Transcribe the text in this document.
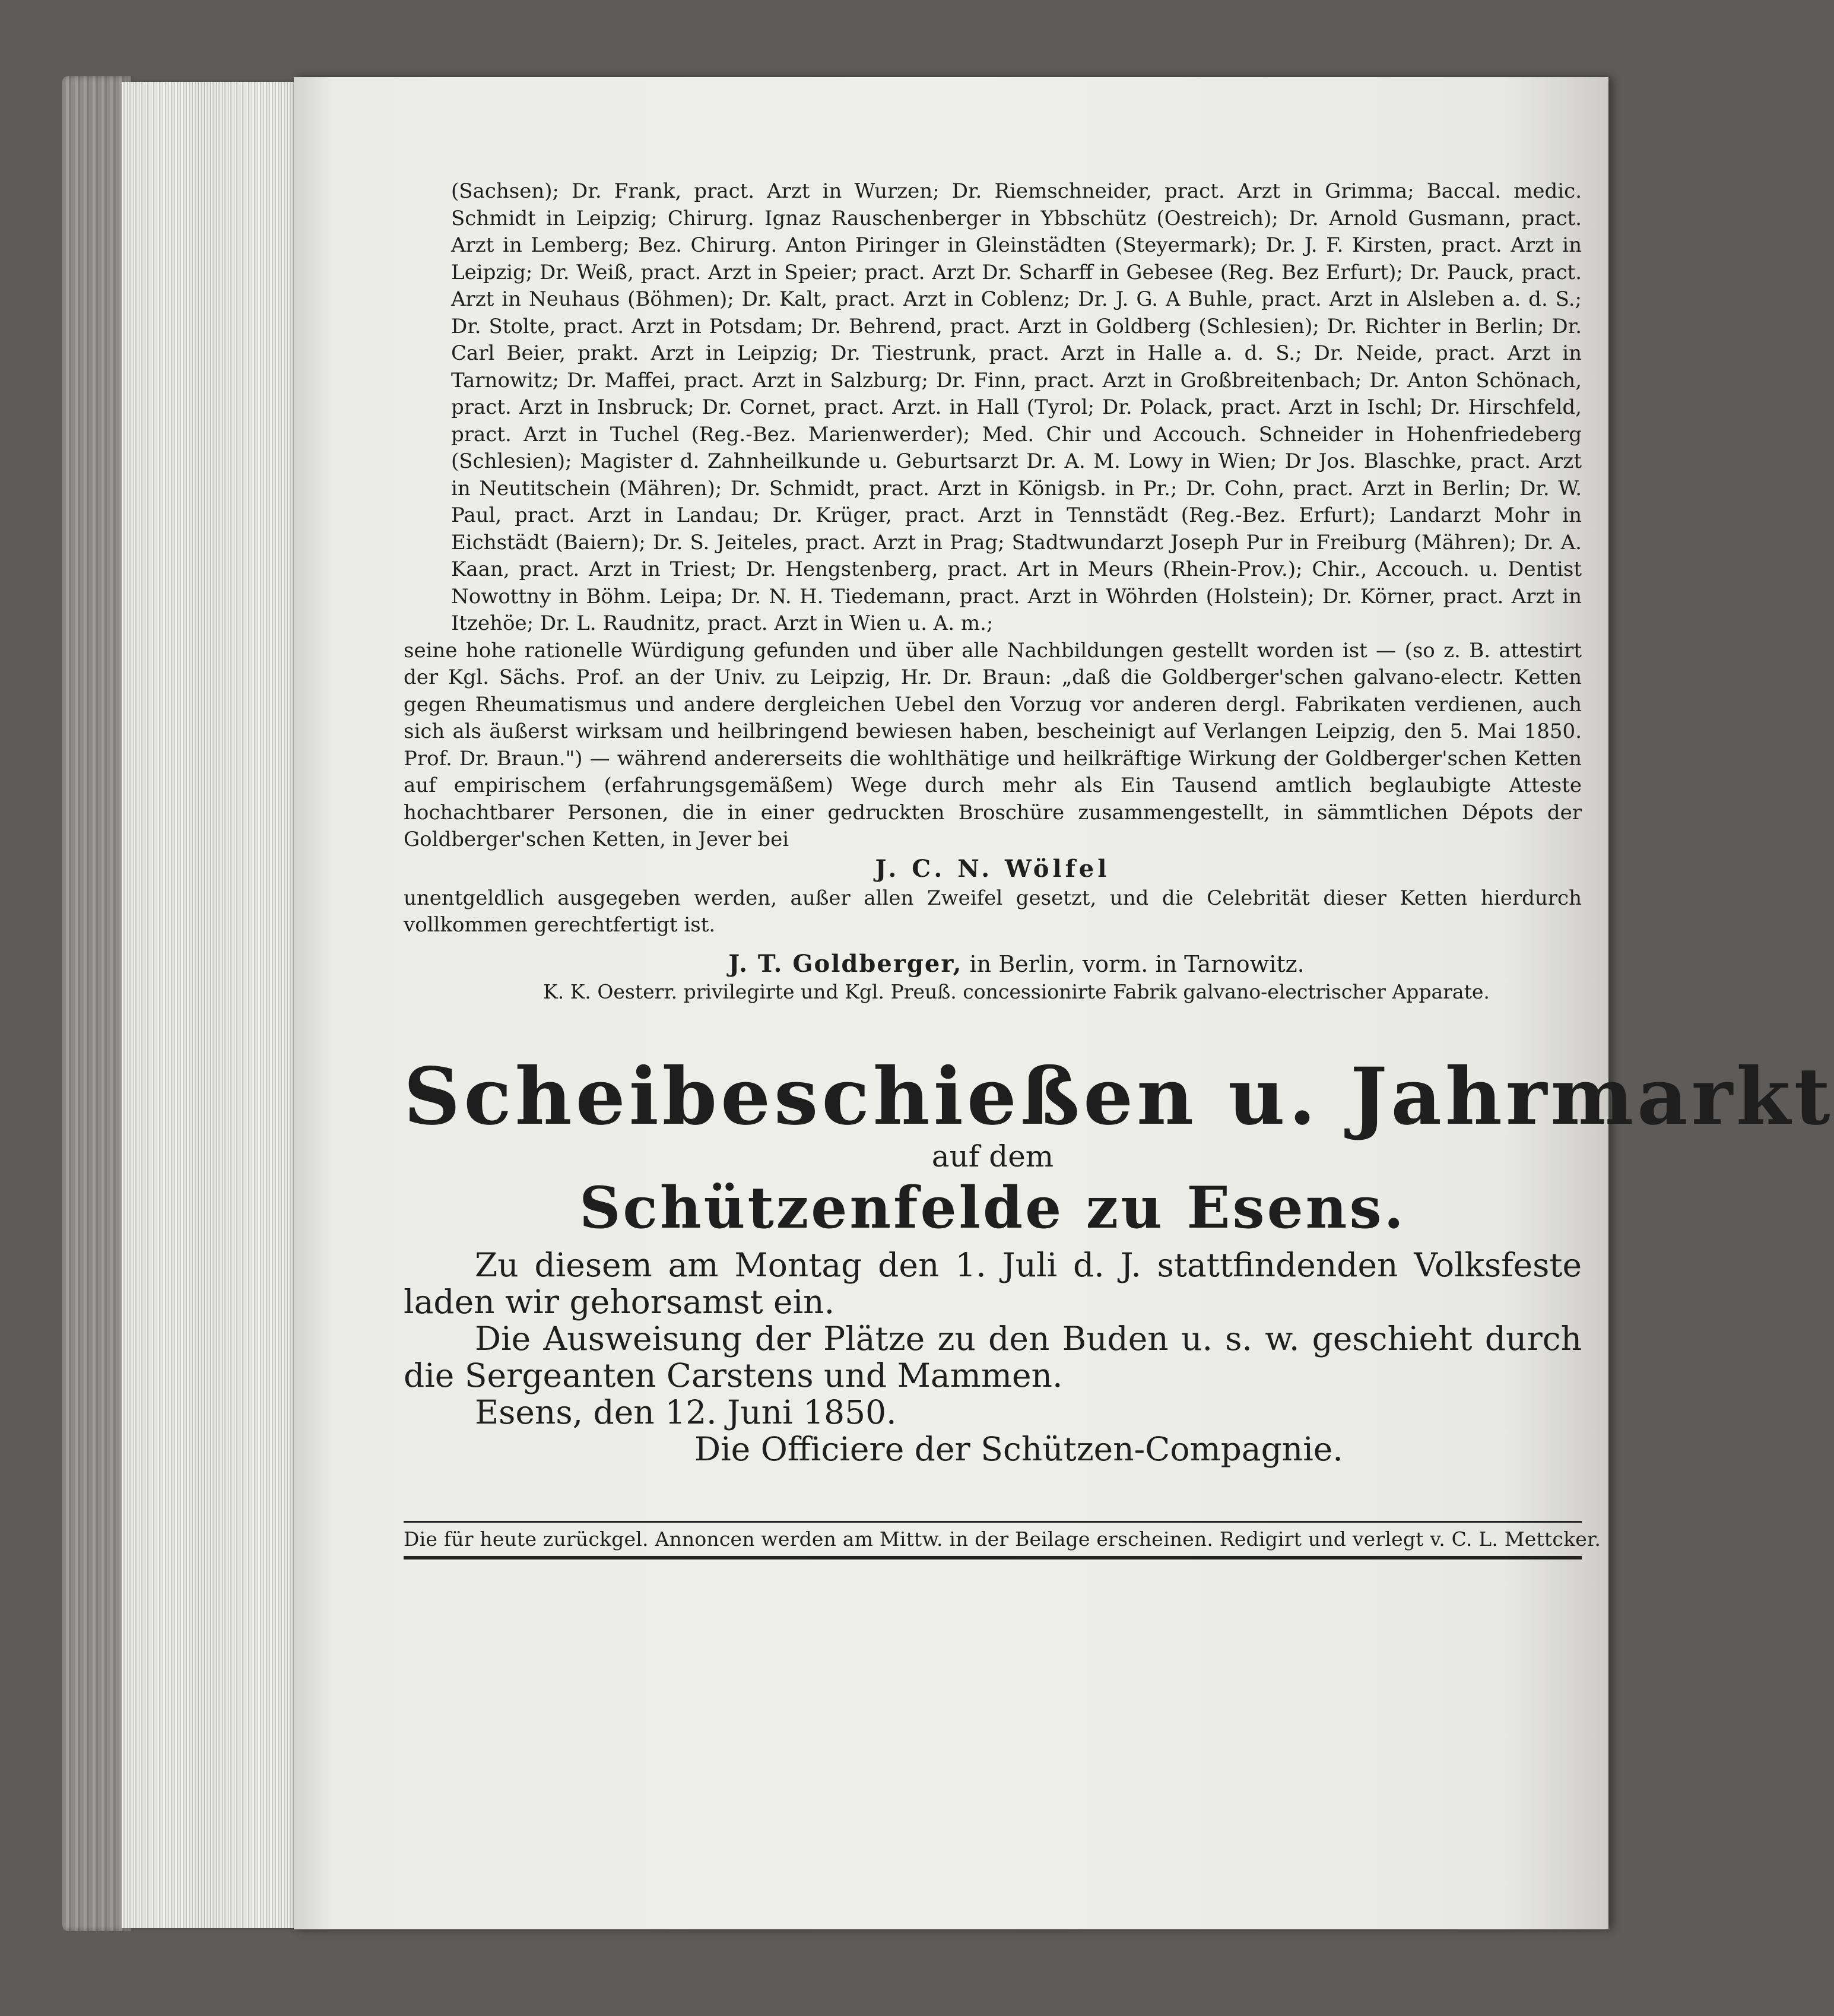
(Sachsen); Dr. Frank, pract. Arzt in Wurzen; Dr. Riemschneider, pract. Arzt in Grimma; Baccal. medic. Schmidt in Leipzig; Chirurg. Ignaz Rauschenberger in Ybbschütz (Oestreich); Dr. Arnold Gusmann, pract. Arzt in Lemberg; Bez. Chirurg. Anton Piringer in Gleinstädten (Steyermark); Dr. J. F. Kirsten, pract. Arzt in Leipzig; Dr. Weiß, pract. Arzt in Speier; pract. Arzt Dr. Scharff in Gebesee (Reg. Bez Erfurt); Dr. Pauck, pract. Arzt in Neuhaus (Böhmen); Dr. Kalt, pract. Arzt in Coblenz; Dr. J. G. A Buhle, pract. Arzt in Alsleben a. d. S.; Dr. Stolte, pract. Arzt in Potsdam; Dr. Behrend, pract. Arzt in Goldberg (Schlesien); Dr. Richter in Berlin; Dr. Carl Beier, prakt. Arzt in Leipzig; Dr. Tiestrunk, pract. Arzt in Halle a. d. S.; Dr. Neide, pract. Arzt in Tarnowitz; Dr. Maffei, pract. Arzt in Salzburg; Dr. Finn, pract. Arzt in Großbreitenbach; Dr. Anton Schönach, pract. Arzt in Insbruck; Dr. Cornet, pract. Arzt. in Hall (Tyrol; Dr. Polack, pract. Arzt in Ischl; Dr. Hirschfeld, pract. Arzt in Tuchel (Reg.-Bez. Marienwerder); Med. Chir und Accouch. Schneider in Hohenfriedeberg (Schlesien); Magister d. Zahnheilkunde u. Geburtsarzt Dr. A. M. Lowy in Wien; Dr Jos. Blaschke, pract. Arzt in Neutitschein (Mähren); Dr. Schmidt, pract. Arzt in Königsb. in Pr.; Dr. Cohn, pract. Arzt in Berlin; Dr. W. Paul, pract. Arzt in Landau; Dr. Krüger, pract. Arzt in Tennstädt (Reg.-Bez. Erfurt); Landarzt Mohr in Eichstädt (Baiern); Dr. S. Jeiteles, pract. Arzt in Prag; Stadtwundarzt Joseph Pur in Freiburg (Mähren); Dr. A. Kaan, pract. Arzt in Triest; Dr. Hengstenberg, pract. Art in Meurs (Rhein-Prov.); Chir., Accouch. u. Dentist Nowottny in Böhm. Leipa; Dr. N. H. Tiedemann, pract. Arzt in Wöhrden (Holstein); Dr. Körner, pract. Arzt in Itzehöe; Dr. L. Raudnitz, pract. Arzt in Wien u. A. m.;

seine hohe rationelle Würdigung gefunden und über alle Nachbildungen gestellt worden ist — (so z. B. attestirt der Kgl. Sächs. Prof. an der Univ. zu Leipzig, Hr. Dr. Braun: „daß die Goldberger'schen galvano-electr. Ketten gegen Rheumatismus und andere dergleichen Uebel den Vorzug vor anderen dergl. Fabrikaten verdienen, auch sich als äußerst wirksam und heilbringend bewiesen haben, bescheinigt auf Verlangen Leipzig, den 5. Mai 1850. Prof. Dr. Braun.") — während andererseits die wohlthätige und heilkräftige Wirkung der Goldberger'schen Ketten auf empirischem (erfahrungsgemäßem) Wege durch mehr als Ein Tausend amtlich beglaubigte Atteste hochachtbarer Personen, die in einer gedruckten Broschüre zusammengestellt, in sämmtlichen Dépots der Goldberger'schen Ketten, in Jever bei

J. C. N. Wölfel

unentgeldlich ausgegeben werden, außer allen Zweifel gesetzt, und die Celebrität dieser Ketten hierdurch vollkommen gerechtfertigt ist.

J. T. Goldberger, in Berlin, vorm. in Tarnowitz.
K. K. Oesterr. privilegirte und Kgl. Preuß. concessionirte Fabrik galvano-electrischer Apparate.
Scheibeschießen u. Jahrmarkt
auf dem
Schützenfelde zu Esens.

Zu diesem am Montag den 1. Juli d. J. stattfindenden Volksfeste laden wir gehorsamst ein.

Die Ausweisung der Plätze zu den Buden u. s. w. geschieht durch die Sergeanten Carstens und Mammen.

Esens, den 12. Juni 1850.

Die Officiere der Schützen-Compagnie.

Die für heute zurückgel. Annoncen werden am Mittw. in der Beilage erscheinen. Redigirt und verlegt v. C. L. Mettcker.
